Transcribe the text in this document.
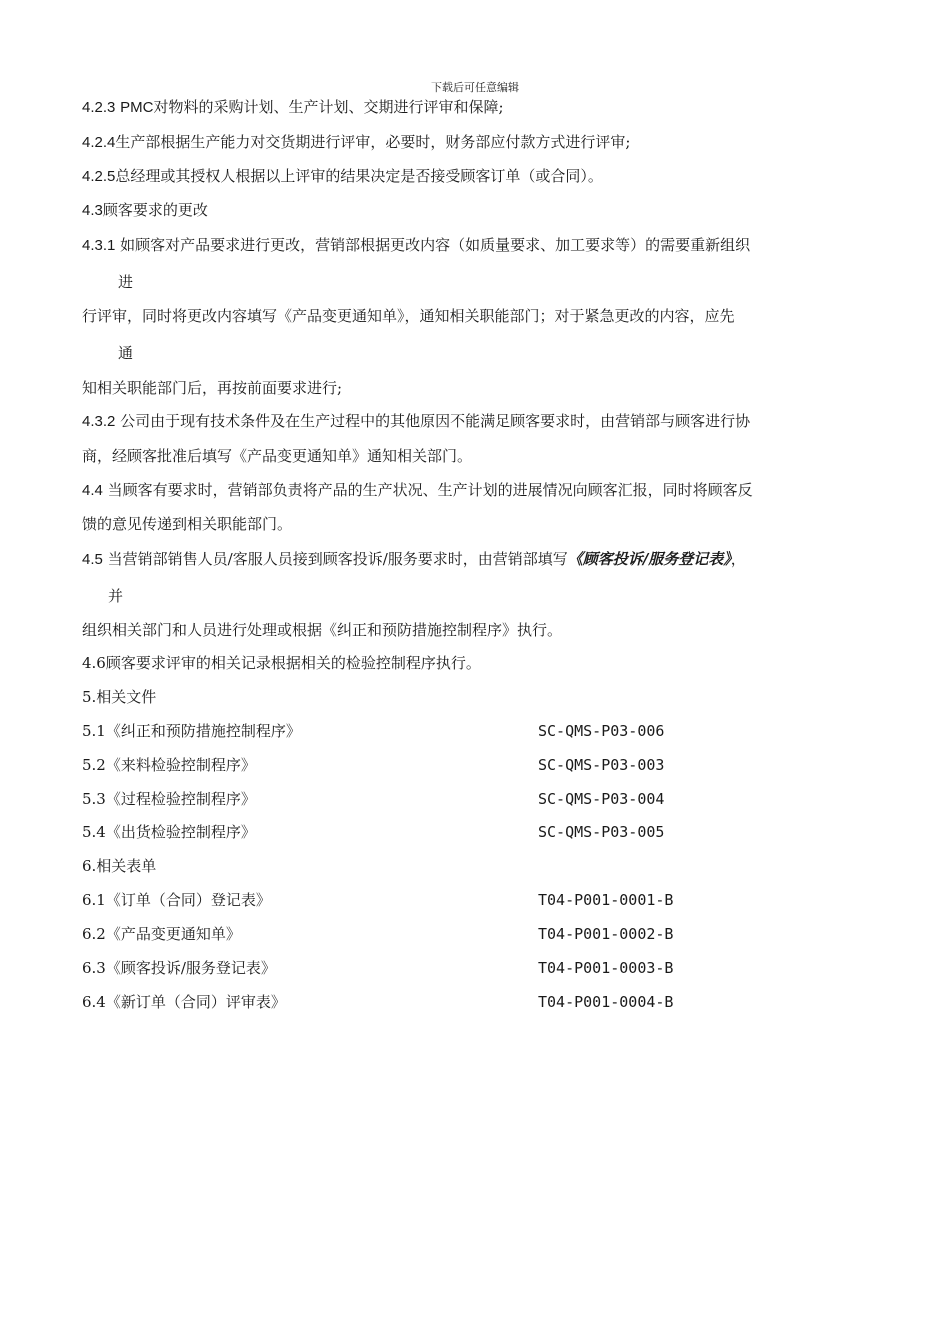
下载后可任意编辑
4.2.3 PMC对物料的采购计划、生产计划、交期进行评审和保障;
4.2.4生产部根据生产能力对交货期进行评审，必要时，财务部应付款方式进行评审;
4.2.5总经理或其授权人根据以上评审的结果决定是否接受顾客订单（或合同）。
4.3顾客要求的更改
4.3.1 如顾客对产品要求进行更改，营销部根据更改内容（如质量要求、加工要求等）的需要重新组织
进
行评审，同时将更改内容填写《产品变更通知单》，通知相关职能部门；对于紧急更改的内容，应先
通
知相关职能部门后，再按前面要求进行;
4.3.2 公司由于现有技术条件及在生产过程中的其他原因不能满足顾客要求时，由营销部与顾客进行协
商，经顾客批准后填写《产品变更通知单》通知相关部门。
4.4 当顾客有要求时，营销部负责将产品的生产状况、生产计划的进展情况向顾客汇报，同时将顾客反
馈的意见传递到相关职能部门。
4.5 当营销部销售人员/客服人员接到顾客投诉/服务要求时，由营销部填写《顾客投诉/服务登记表》，
并
组织相关部门和人员进行处理或根据《纠正和预防措施控制程序》执行。
4.6顾客要求评审的相关记录根据相关的检验控制程序执行。
5.相关文件
5.1《纠正和预防措施控制程序》	SC-QMS-P03-006
5.2《来料检验控制程序》	SC-QMS-P03-003
5.3《过程检验控制程序》	SC-QMS-P03-004
5.4《出货检验控制程序》	SC-QMS-P03-005
6.相关表单
6.1《订单（合同）登记表》	T04-P001-0001-B
6.2《产品变更通知单》	T04-P001-0002-B
6.3《顾客投诉/服务登记表》	T04-P001-0003-B
6.4《新订单（合同）评审表》	T04-P001-0004-B
